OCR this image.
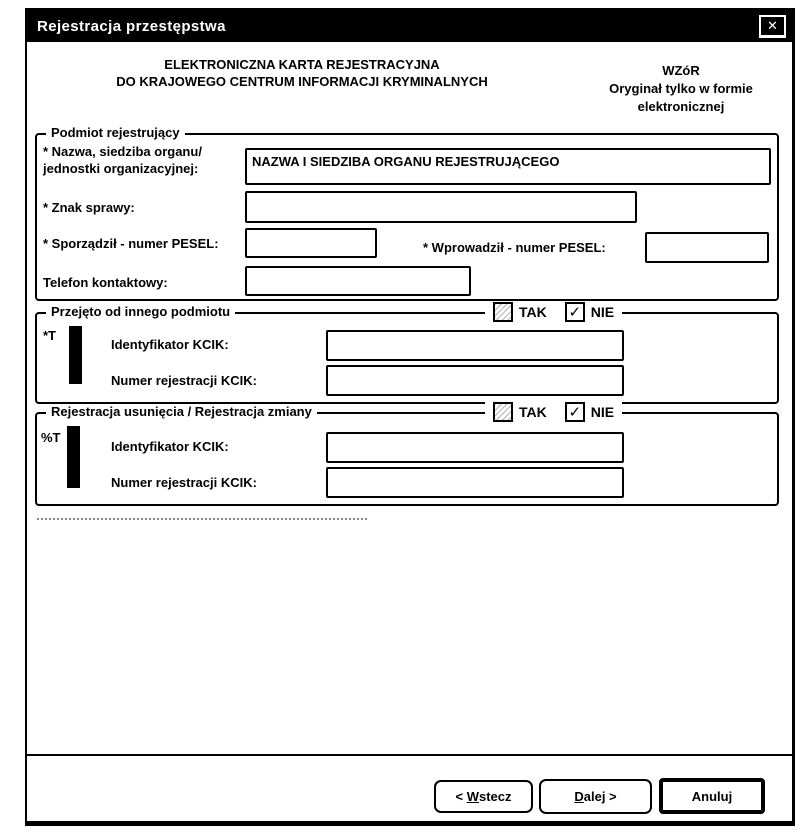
Rejestracja przestępstwa	✕
ELEKTRONICZNA KARTA REJESTRACYJNA
DO KRAJOWEGO CENTRUM INFORMACJI KRYMINALNYCH
WZóR
Oryginał tylko w formie
elektronicznej
Podmiot rejestrujący
* Nazwa, siedziba organu/
jednostki organizacyjnej:	NAZWA I SIEDZIBA ORGANU REJESTRUJĄCEGO
* Znak sprawy:
* Sporządził - numer PESEL:	* Wprowadził - numer PESEL:
Telefon kontaktowy:
Przejęto od innego podmiotu	TAK ✓ NIE
*T
Identyfikator KCIK:
Numer rejestracji KCIK:
Rejestracja usunięcia / Rejestracja zmiany	TAK ✓ NIE
%T
Identyfikator KCIK:
Numer rejestracji KCIK:
< Wstecz	Dalej >	Anuluj
